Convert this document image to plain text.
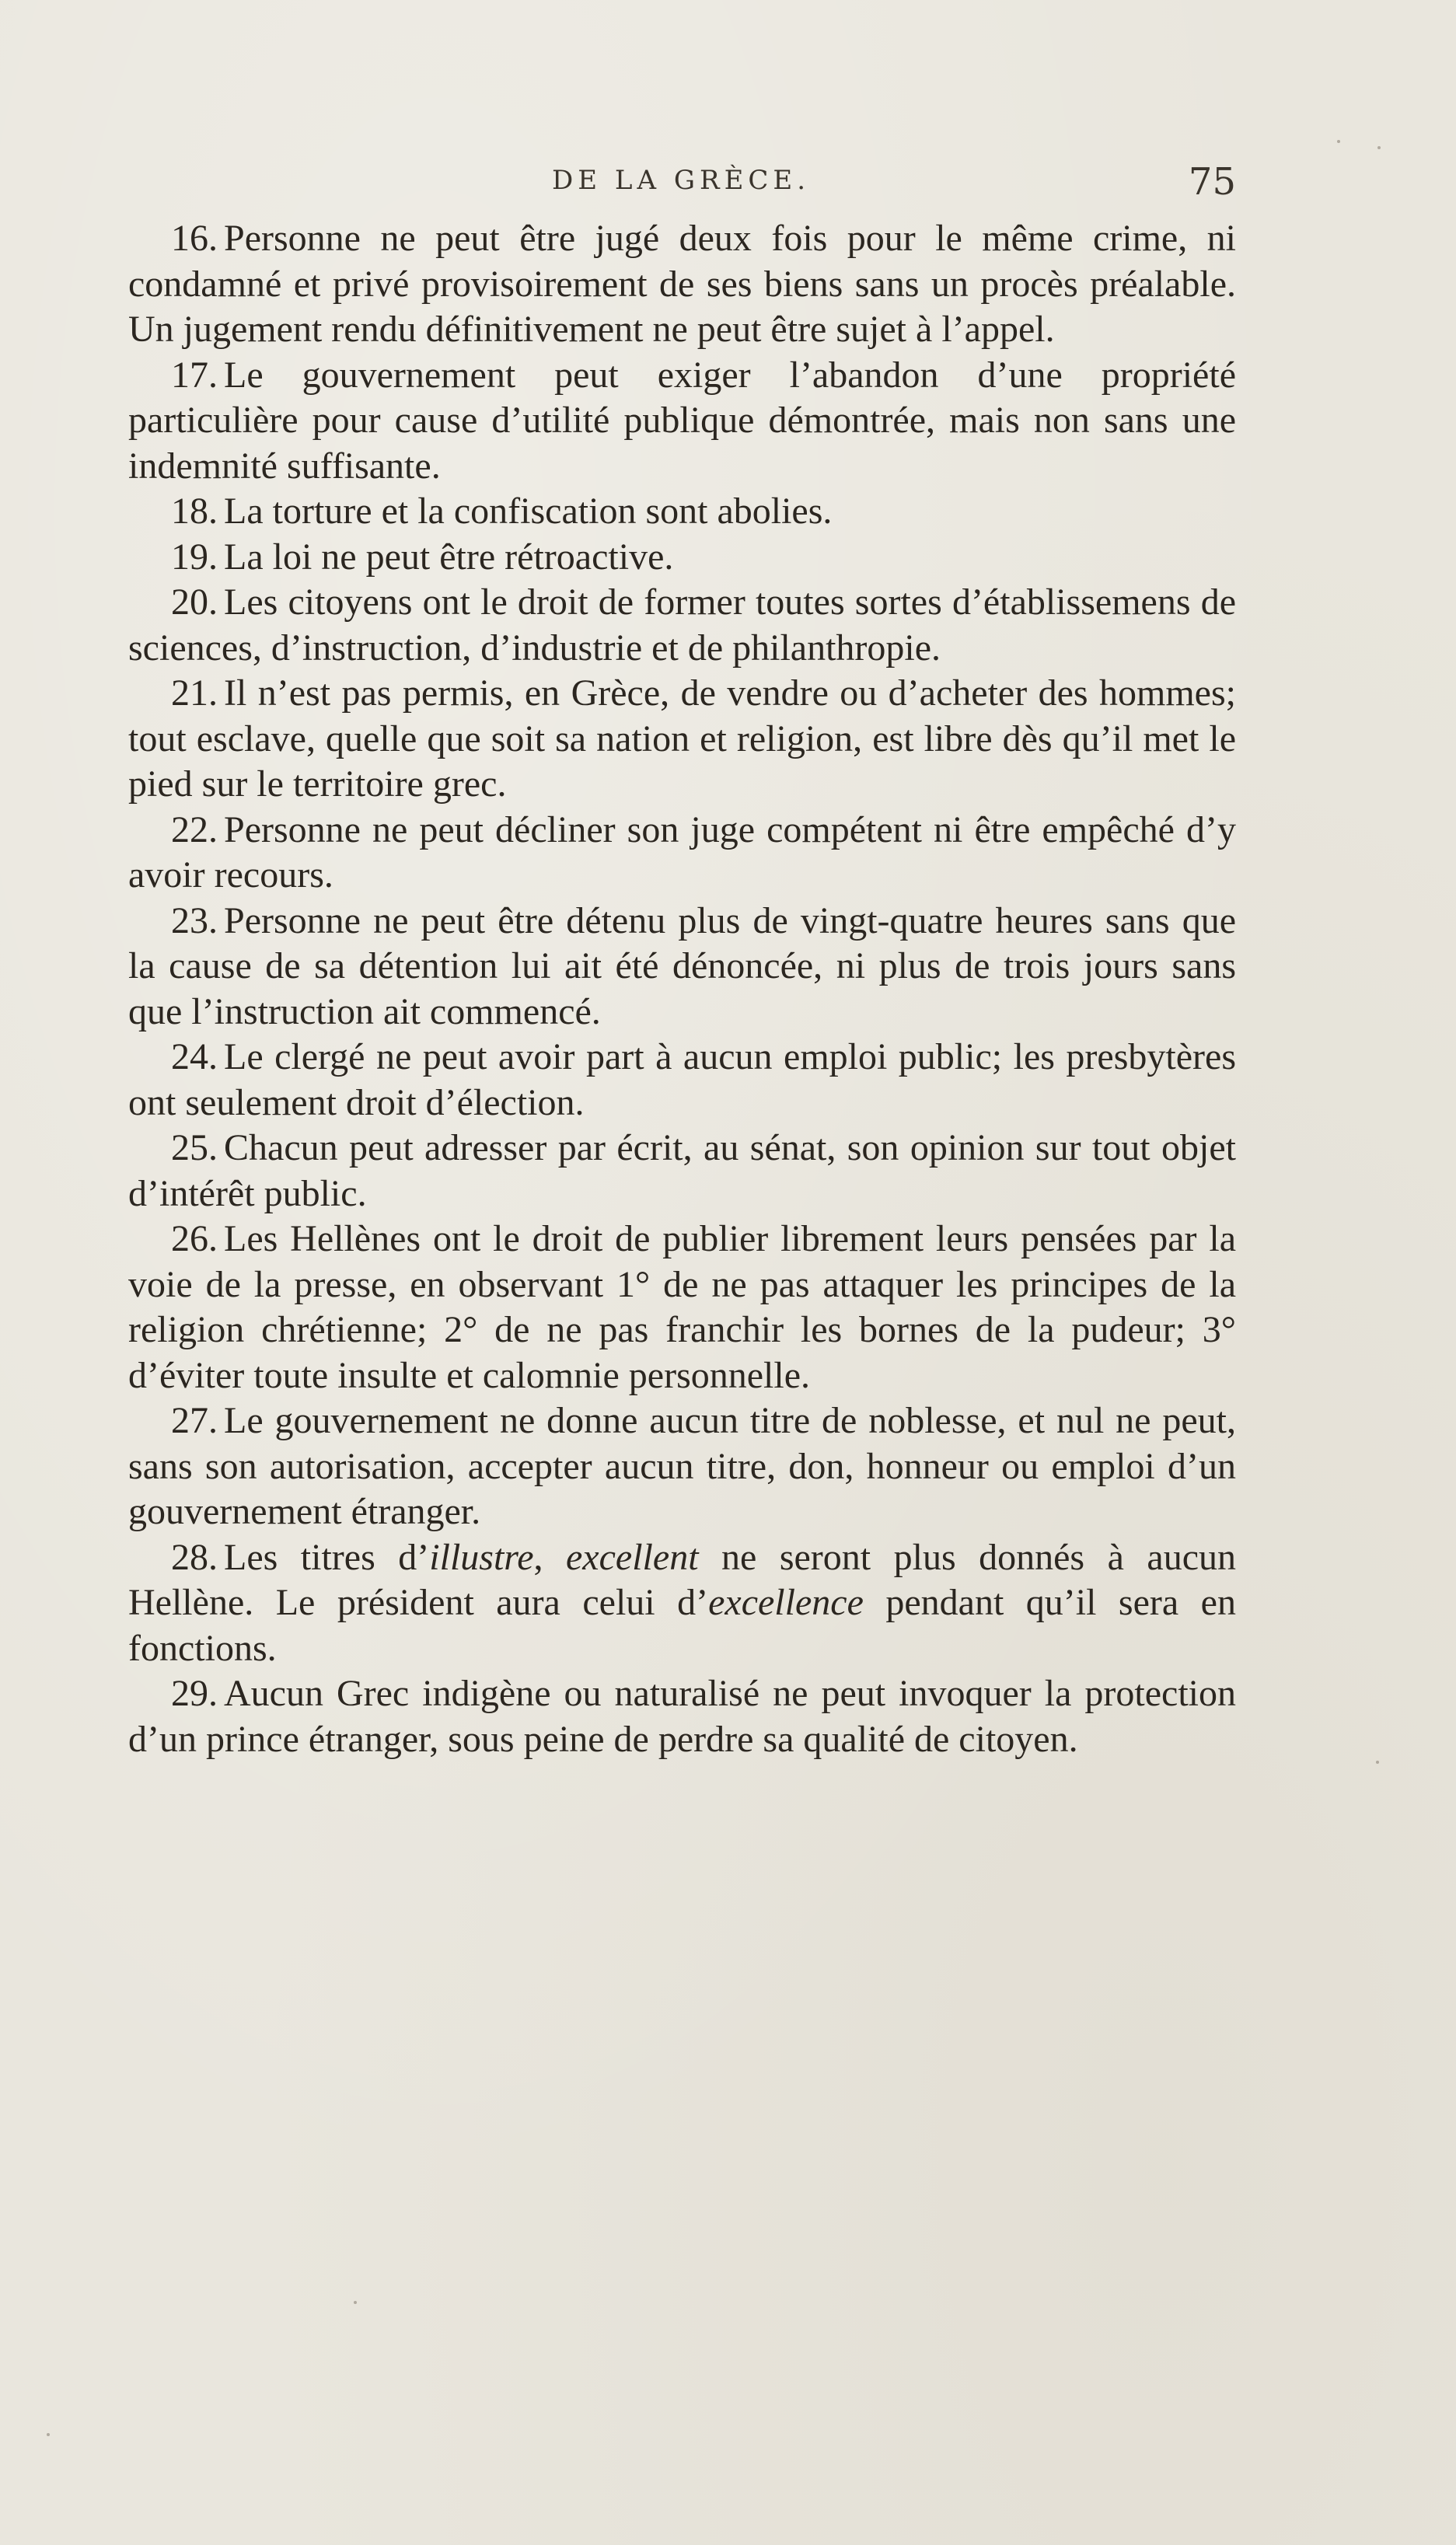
DE LA GRÈCE.	75

16. Personne ne peut être jugé deux fois pour le même crime, ni condamné et privé provisoirement de ses biens sans un procès préalable. Un jugement rendu définitivement ne peut être sujet à l’appel.

17. Le gouvernement peut exiger l’abandon d’une propriété particulière pour cause d’utilité publique démontrée, mais non sans une indemnité suffisante.

18. La torture et la confiscation sont abolies.

19. La loi ne peut être rétroactive.

20. Les citoyens ont le droit de former toutes sortes d’établissemens de sciences, d’instruction, d’industrie et de philanthropie.

21. Il n’est pas permis, en Grèce, de vendre ou d’acheter des hommes; tout esclave, quelle que soit sa nation et religion, est libre dès qu’il met le pied sur le territoire grec.

22. Personne ne peut décliner son juge compétent ni être empêché d’y avoir recours.

23. Personne ne peut être détenu plus de vingt-quatre heures sans que la cause de sa détention lui ait été dénoncée, ni plus de trois jours sans que l’instruction ait commencé.

24. Le clergé ne peut avoir part à aucun emploi public; les presbytères ont seulement droit d’élection.

25. Chacun peut adresser par écrit, au sénat, son opinion sur tout objet d’intérêt public.

26. Les Hellènes ont le droit de publier librement leurs pensées par la voie de la presse, en observant 1° de ne pas attaquer les principes de la religion chrétienne; 2° de ne pas franchir les bornes de la pudeur; 3° d’éviter toute insulte et calomnie personnelle.

27. Le gouvernement ne donne aucun titre de noblesse, et nul ne peut, sans son autorisation, accepter aucun titre, don, honneur ou emploi d’un gouvernement étranger.

28. Les titres d’illustre, excellent ne seront plus donnés à aucun Hellène. Le président aura celui d’excellence pendant qu’il sera en fonctions.

29. Aucun Grec indigène ou naturalisé ne peut invoquer la protection d’un prince étranger, sous peine de perdre sa qualité de citoyen.
